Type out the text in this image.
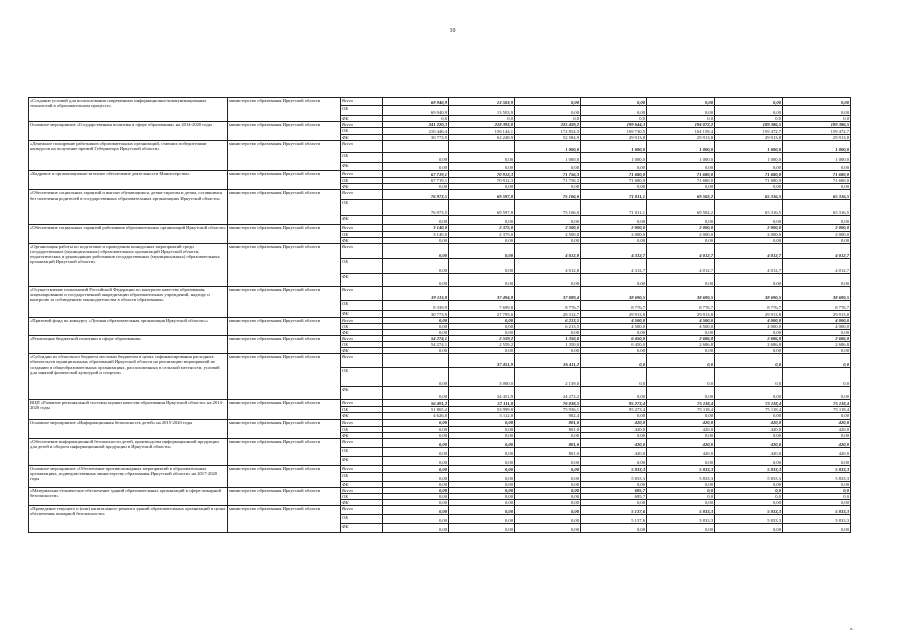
10
«Создание условий для использования современных информационно-коммуникационных технологий в образовательном процессе»	министерство образования Иркутской области	Всего	69 940,9	13 503,9	0,00	0,00	0,00	0,00	0,00
		ОБ	69 940,9	13 503,9	0,00	0,00	0,00	0,00	0,00
		ФБ	0,0	0,0	0,0	0,0	0,0	0,0	0,0
Основное мероприятие «Государственная политика в сфере образования» на 2014-2020 годы	министерство образования Иркутской области	Всего	241 220,3	218 393,0	225 459,2	199 644,3	194 072,2	189 386,5	189 386,5
		ОБ	210 446,4	156 144,1	172 854,3	169 730,5	164 158,4	159 472,7	159 472,7
		ФБ	30 773,9	62 248,9	52 584,9	29 913,8	29 913,8	29 913,8	29 913,8
«Денежное поощрение работников образовательных организаций, ставших победителями конкурсов на получение премий Губернатора Иркутской области»	министерство образования Иркутской области	Всего			1 000,0	1 000,0	1 000,0	1 000,0	1 000,0
		ОБ	0,00	0,00	1 000,0	1 000,0	1 000,0	1 000,0	1 000,0
		ФБ	0,00	0,00	0,00	0,00	0,00	0,00	0,00
«Кадровое и организационно-штатное обеспечение деятельности Министерства»	министерство образования Иркутской области	Всего	67 719,1	70 912,3	71 756,3	71 680,0	71 680,0	71 680,0	71 680,0
		ОБ	67 719,1	70 912,3	71 756,3	71 680,0	71 680,0	71 680,0	71 680,0
		ФБ	0,00	0,00	0,00	0,00	0,00	0,00	0,00
«Обеспечение социальных гарантий и выплат обучающимся, детям-сиротам и детям, оставшимся без попечения родителей в государственных образовательных организациях Иркутской области»	министерство образования Иркутской области	Всего	76 973,5	69 597,8	75 106,0	71 011,1	69 502,2	65 316,5	65 316,5
		ОБ	76 973,5	69 597,8	75 106,0	71 011,1	69 502,2	65 316,5	65 316,5
		ФБ	0,00	0,00	0,00	0,00	0,00	0,00	0,00
«Обеспечение социальных гарантий работников образовательных организаций Иркутской области»	министерство образования Иркутской области	Всего	3 140,0	2 375,0	2 500,0	2 000,0	2 000,0	2 000,0	2 000,0
		ОБ	3 140,0	2 375,0	2 500,0	2 000,0	2 000,0	2 000,0	2 000,0
		ФБ	0,00	0,00	0,00	0,00	0,00	0,00	0,00
«Организация работы по подготовке и проведению конкурсных мероприятий среди государственных (муниципальных) образовательных организаций Иркутской области, педагогических и руководящих работников государственных (муниципальных) образовательных организаций Иркутской области»	министерство образования Иркутской области	Всего	0,00	0,00	4 012,8	4 312,7	4 012,7	4 012,7	4 012,7
		ОБ	0,00	0,00	4 012,8	4 312,7	4 012,7	4 012,7	4 012,7
		ФБ	0,00	0,00	0,00	0,00	0,00	0,00	0,00
«Осуществление полномочий Российской Федерации по контролю качества образования, лицензированию и государственной аккредитации образовательных учреждений, надзору и контролю за соблюдением законодательства в области образования»	министерство образования Иркутской области	Всего	39 113,8	37 494,8	37 089,4	38 690,5	38 690,5	38 690,5	38 690,5
		ОБ	8 339,9	7 699,8	8 776,7	8 776,7	8 776,7	8 776,7	8 776,7
		ФБ	30 773,9	27 795,0	28 312,7	29 913,8	29 913,8	29 913,8	29 913,8
«Призовой фонд по конкурсу «Лучшая образовательная организация Иркутской области»»	министерство образования Иркутской области	Всего	0,00	0,00	6 213,5	4 500,0	4 500,0	4 000,0	4 000,0
		ОБ	0,00	0,00	6 213,5	4 500,0	4 500,0	4 000,0	4 000,0
		ФБ	0,00	0,00	0,00	0,00	0,00	0,00	0,00
«Реализация бюджетной политики в сфере образования»	министерство образования Иркутской области	Всего	54 274,1	2 559,2	1 350,0	6 450,0	2 686,8	2 686,8	2 686,8
		ОБ	54 274,1	2 559,2	1 350,0	6 450,0	2 686,8	2 686,8	2 686,8
		ФБ	0,00	0,00	0,00	0,00	0,00	0,00	0,00
«Субсидии из областного бюджета местным бюджетам в целях софинансирования расходных обязательств муниципальных образований Иркутской области на реализацию мероприятий по созданию в общеобразовательных организациях, расположенных в сельской местности, условий для занятий физической культурой и спортом»	министерство образования Иркутской области	Всего		37 451,9	26 411,2	0,0	0,0	0,0	0,0
		ОБ	0,00	3 000,0	2 139,0	0,0	0,0	0,0	0,0
		ФБ	0,00	34 451,9	24 272,2	0,00	0,00	0,00	0,00
ВЦП «Развитие региональной системы оценки качества образования Иркутской области» на 2014-2020 годы	министерство образования Иркутской области	Всего	56 491,2	57 111,8	76 838,5	95 273,4	75 118,4	75 118,4	75 118,4
		ОБ	51 865,2	53 999,8	75 936,1	95 273,4	75 118,4	75 118,4	75 118,4
		ФБ	4 626,0	3 112,0	902,4	0,00	0,00	0,00	0,00
Основное мероприятие «Информационная безопасность детей» на 2015-2020 годы	министерство образования Иркутской области	Всего	0,00	0,00	801,0	420,0	420,0	420,0	420,0
		ОБ	0,00	0,00	801,0	420,0	420,0	420,0	420,0
		ФБ	0,00	0,00	0,00	0,00	0,00	0,00	0,00
«Обеспечение информационной безопасности детей, производства информационной продукции для детей и оборота информационной продукции в Иркутской области»	министерство образования Иркутской области	Всего	0,00	0,00	801,0	420,0	420,0	420,0	420,0
		ОБ	0,00	0,00	801,0	420,0	420,0	420,0	420,0
		ФБ	0,00	0,00	0,00	0,00	0,00	0,00	0,00
Основное мероприятие «Обеспечение противопожарных мероприятий в образовательных организациях, подведомственных министерству образования Иркутской области» на 2017-2020 годы	министерство образования Иркутской области	Всего	0,00	0,00	0,00	5 833,3	5 833,3	5 833,3	5 833,3
		ОБ	0,00	0,00	0,00	5 833,3	5 833,3	5 833,3	5 833,3
		ФБ	0,00	0,00	0,00	0,00	0,00	0,00	0,00
«Материально-техническое обеспечение зданий образовательных организаций в сфере пожарной безопасности»	министерство образования Иркутской области	Всего	0,00	0,00	0,00	695,7	0,0	0,0	0,0
		ОБ	0,00	0,00	0,00	695,7	0,0	0,0	0,0
		ФБ	0,00	0,00	0,00	0,00	0,00	0,00	0,00
«Проведение текущего и (или) капитального ремонта зданий образовательных организаций в целях обеспечения пожарной безопасности»	министерство образования Иркутской области	Всего	0,00	0,00	0,00	5 137,6	5 833,3	5 833,3	5 833,3
		ОБ	0,00	0,00	0,00	5 137,6	5 833,3	5 833,3	5 833,3
		ФБ	0,00	0,00	0,00	0,00	0,00	0,00	0,00
».
